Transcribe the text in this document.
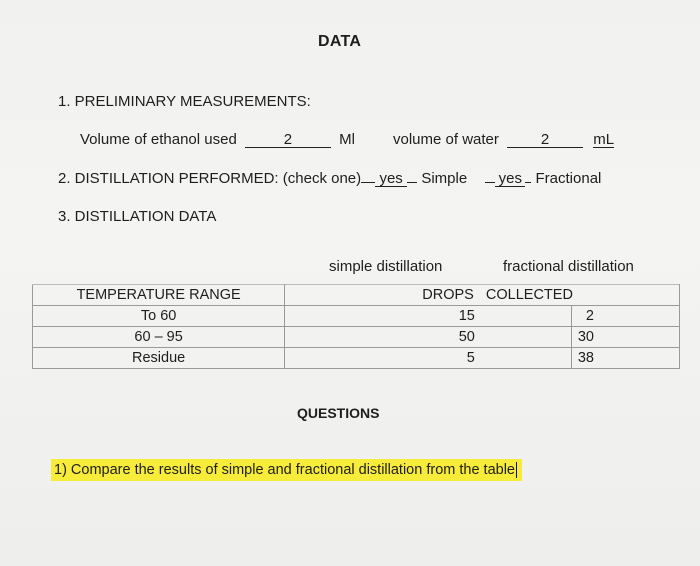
DATA
1. PRELIMINARY MEASUREMENTS:
Volume of ethanol used	2	Ml	volume of water	2	mL
2. DISTILLATION PERFORMED: (check one) yes Simple yes Fractional
3. DISTILLATION DATA
simple distillation	fractional distillation
TEMPERATURE RANGE	DROPS   COLLECTED	
To 60	15	2
60 – 95	50	30
Residue	5	38
QUESTIONS
1) Compare the results of simple and fractional distillation from the table
